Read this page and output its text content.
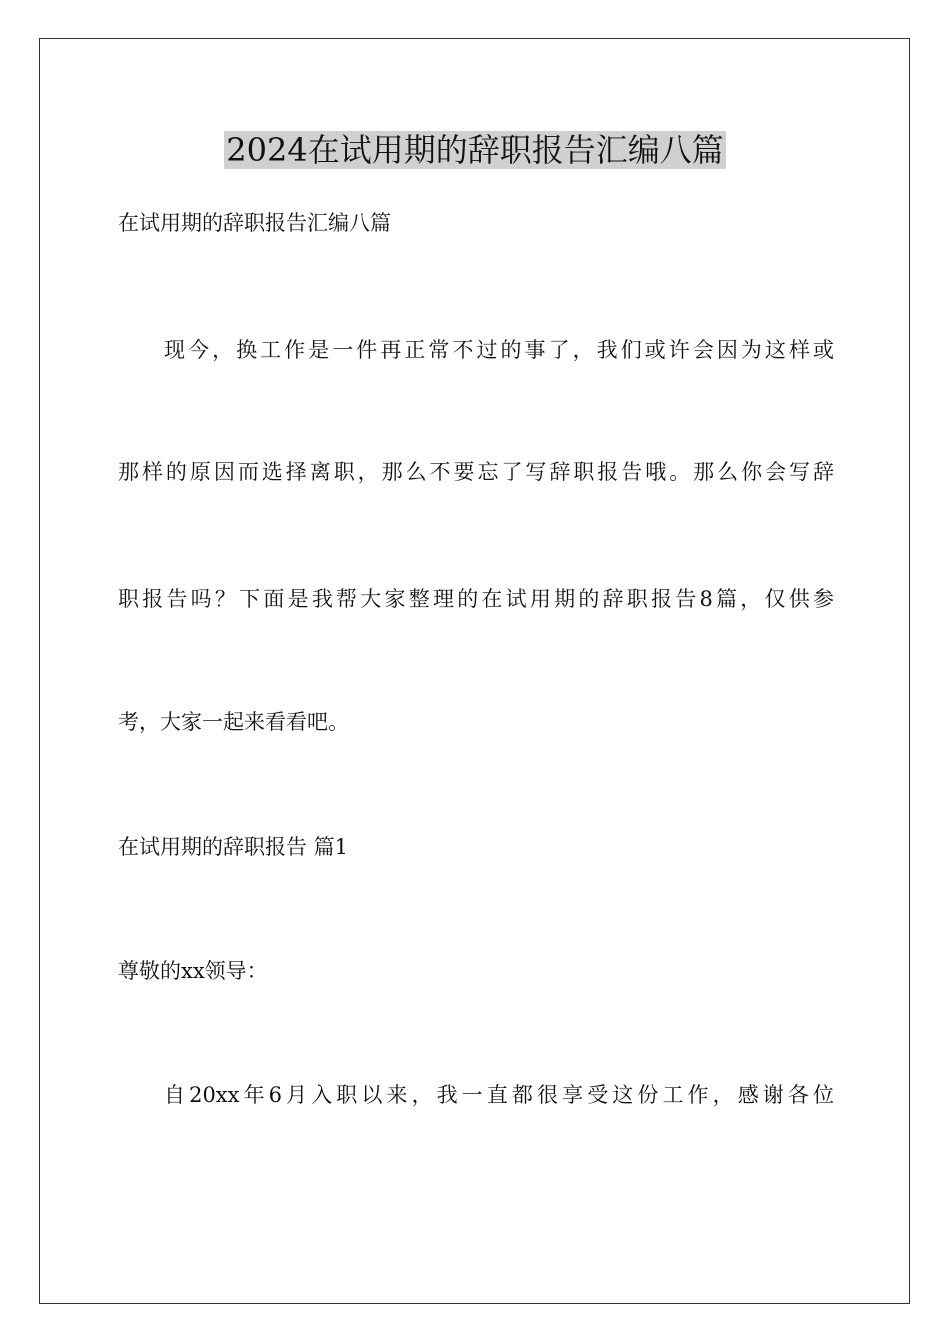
2024在试用期的辞职报告汇编八篇

在试用期的辞职报告汇编八篇

现今，换工作是一件再正常不过的事了，我们或许会因为这样或

那样的原因而选择离职，那么不要忘了写辞职报告哦。那么你会写辞

职报告吗？下面是我帮大家整理的在试用期的辞职报告8篇，仅供参

考，大家一起来看看吧。

在试用期的辞职报告 篇1

尊敬的xx领导：

自20xx年6月入职以来，我一直都很享受这份工作，感谢各位
